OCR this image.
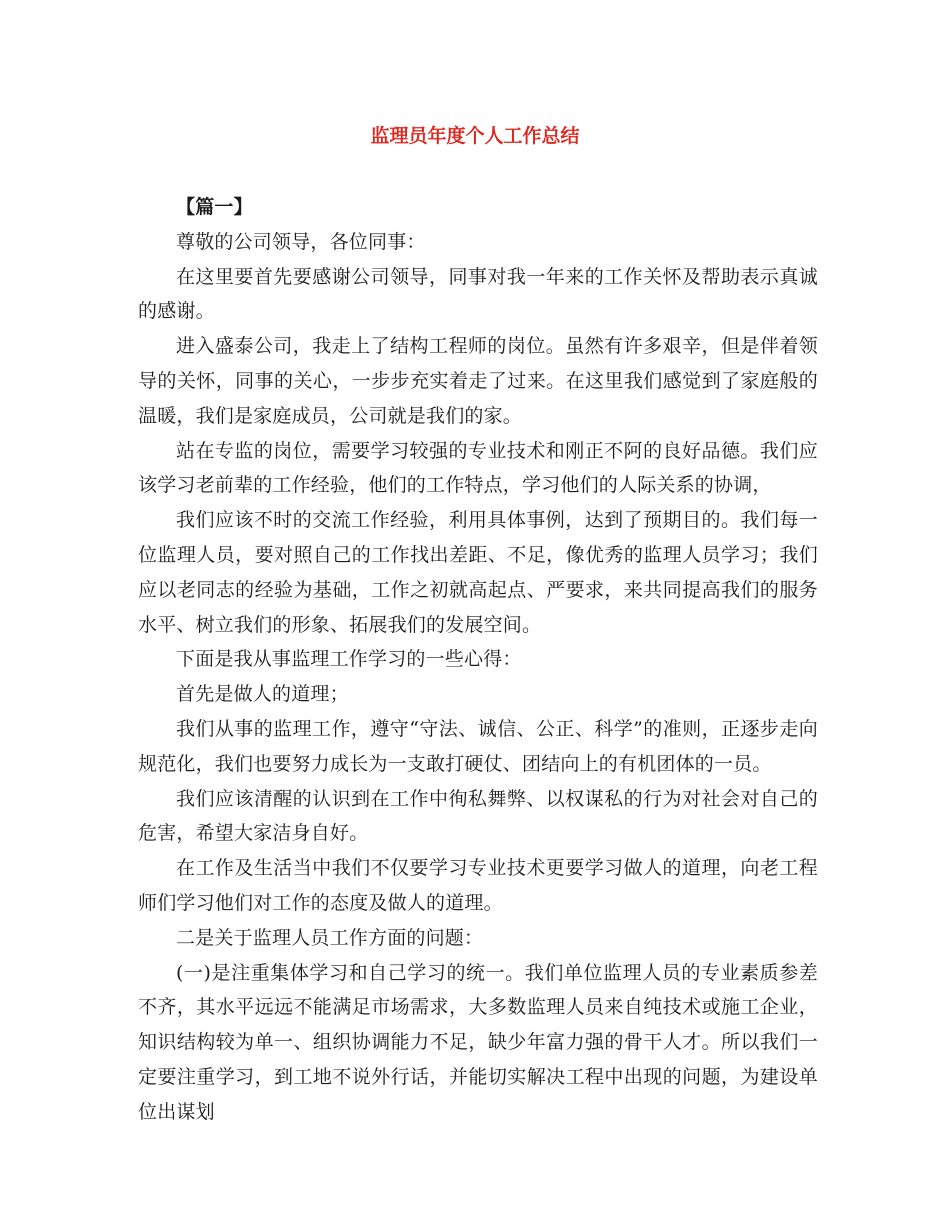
监理员年度个人工作总结

【篇一】

尊敬的公司领导，各位同事：

在这里要首先要感谢公司领导，同事对我一年来的工作关怀及帮助表示真诚的感谢。

进入盛泰公司，我走上了结构工程师的岗位。虽然有许多艰辛，但是伴着领导的关怀，同事的关心，一步步充实着走了过来。在这里我们感觉到了家庭般的温暖，我们是家庭成员，公司就是我们的家。

站在专监的岗位，需要学习较强的专业技术和刚正不阿的良好品德。我们应该学习老前辈的工作经验，他们的工作特点，学习他们的人际关系的协调，

我们应该不时的交流工作经验，利用具体事例，达到了预期目的。我们每一位监理人员，要对照自己的工作找出差距、不足，像优秀的监理人员学习；我们应以老同志的经验为基础，工作之初就高起点、严要求，来共同提高我们的服务水平、树立我们的形象、拓展我们的发展空间。

下面是我从事监理工作学习的一些心得：

首先是做人的道理；

我们从事的监理工作，遵守“守法、诚信、公正、科学”的准则，正逐步走向规范化，我们也要努力成长为一支敢打硬仗、团结向上的有机团体的一员。

我们应该清醒的认识到在工作中徇私舞弊、以权谋私的行为对社会对自己的危害，希望大家洁身自好。

在工作及生活当中我们不仅要学习专业技术更要学习做人的道理，向老工程师们学习他们对工作的态度及做人的道理。

二是关于监理人员工作方面的问题：

(一)是注重集体学习和自己学习的统一。我们单位监理人员的专业素质参差不齐，其水平远远不能满足市场需求，大多数监理人员来自纯技术或施工企业，知识结构较为单一、组织协调能力不足，缺少年富力强的骨干人才。所以我们一定要注重学习，到工地不说外行话，并能切实解决工程中出现的问题，为建设单位出谋划
